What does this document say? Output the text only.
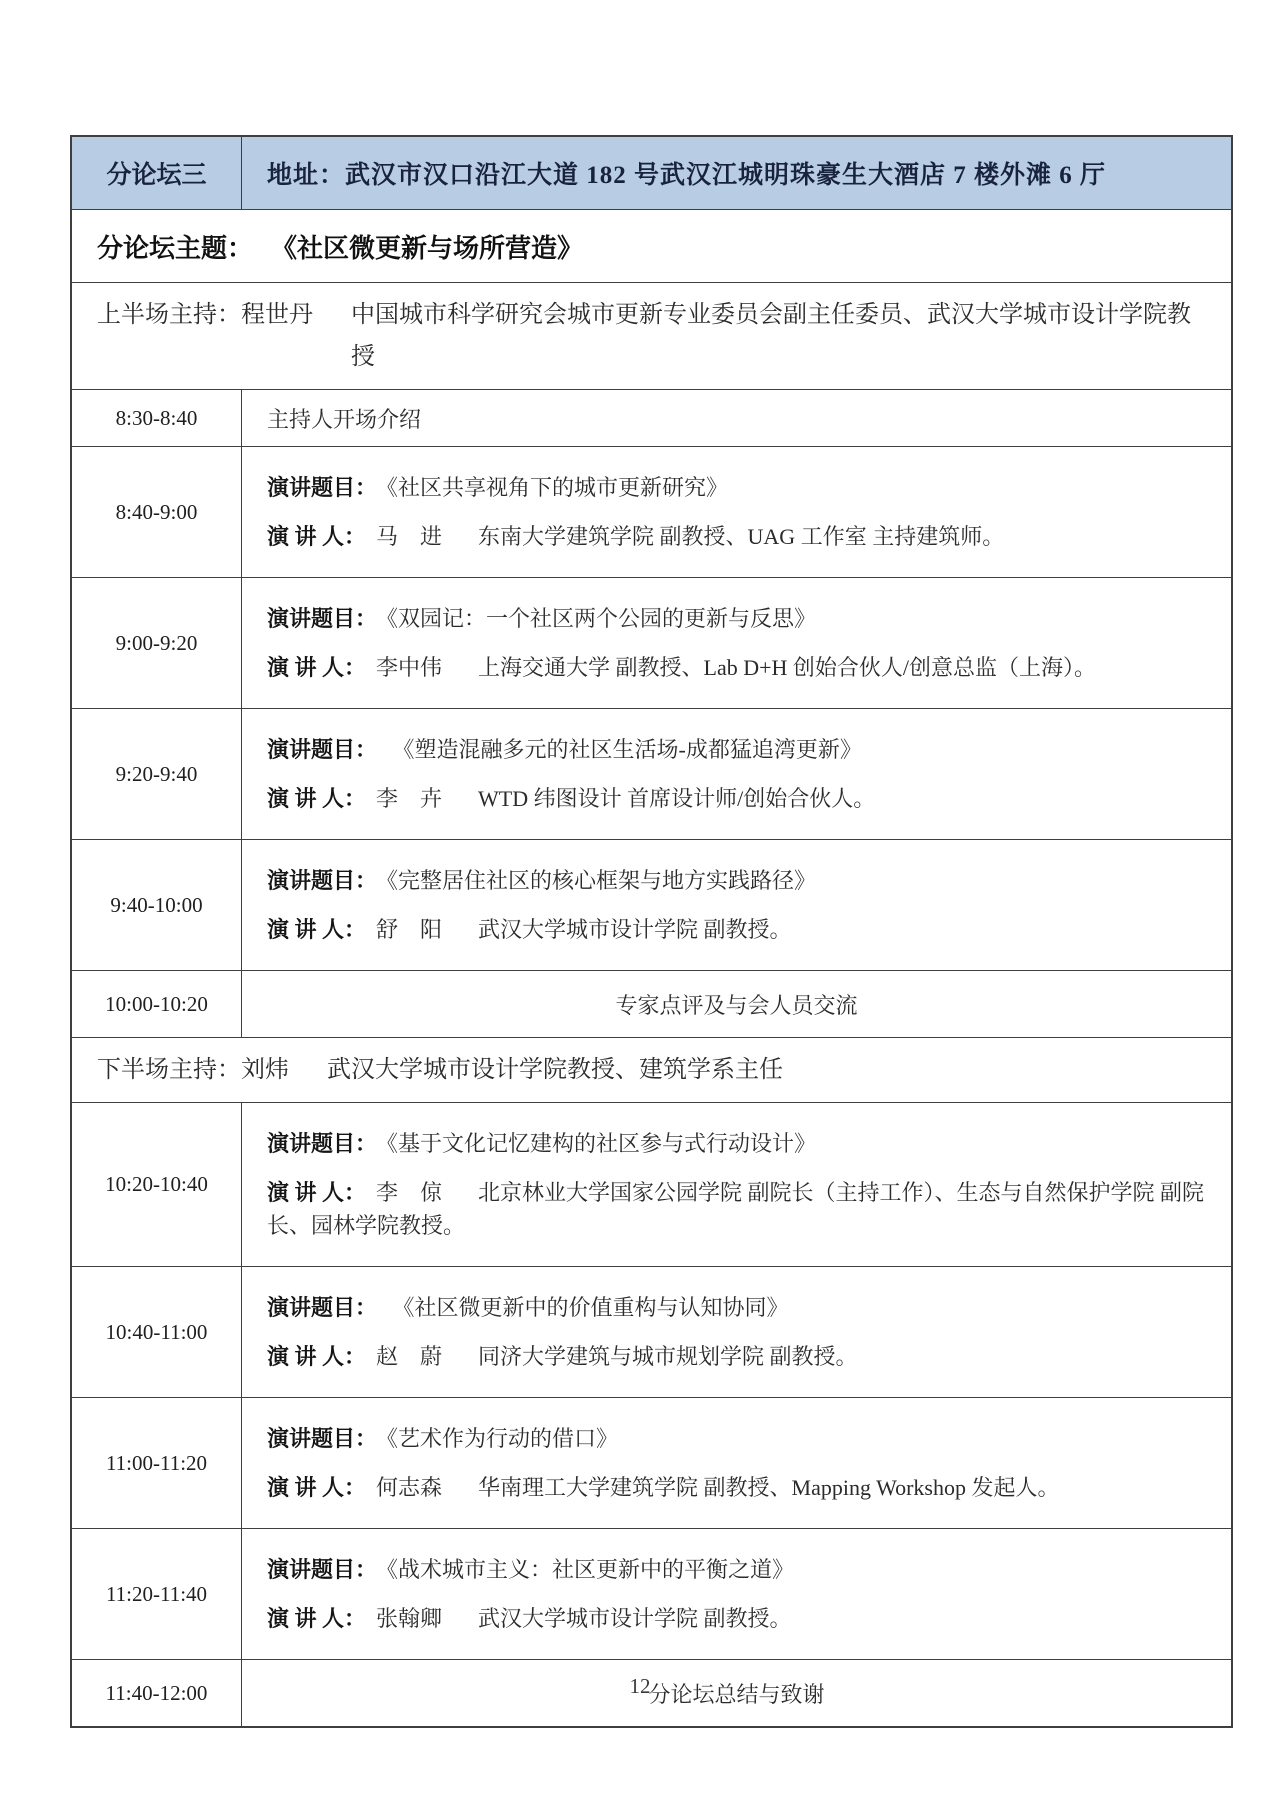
分论坛三	地址：武汉市汉口沿江大道 182 号武汉江城明珠豪生大酒店 7 楼外滩 6 厅
分论坛主题： 《社区微更新与场所营造》
上半场主持：程世丹 中国城市科学研究会城市更新专业委员会副主任委员、武汉大学城市设计学院教授
8:30-8:40	主持人开场介绍
8:40-9:00

演讲题目： 《社区共享视角下的城市更新研究》

演 讲 人： 马　进 东南大学建筑学院 副教授、UAG 工作室 主持建筑师。

9:00-9:20

演讲题目： 《双园记：一个社区两个公园的更新与反思》

演 讲 人： 李中伟 上海交通大学 副教授、Lab D+H 创始合伙人/创意总监（上海）。

9:20-9:40

演讲题目： 《塑造混融多元的社区生活场-成都猛追湾更新》

演 讲 人： 李　卉 WTD 纬图设计 首席设计师/创始合伙人。

9:40-10:00

演讲题目： 《完整居住社区的核心框架与地方实践路径》

演 讲 人： 舒　阳 武汉大学城市设计学院 副教授。

10:00-10:20	专家点评及与会人员交流
下半场主持：刘炜 武汉大学城市设计学院教授、建筑学系主任
10:20-10:40

演讲题目： 《基于文化记忆建构的社区参与式行动设计》

演 讲 人： 李　倞 北京林业大学国家公园学院 副院长（主持工作）、生态与自然保护学院 副院长、园林学院教授。

10:40-11:00

演讲题目： 《社区微更新中的价值重构与认知协同》

演 讲 人： 赵　蔚 同济大学建筑与城市规划学院 副教授。

11:00-11:20

演讲题目： 《艺术作为行动的借口》

演 讲 人： 何志森 华南理工大学建筑学院 副教授、Mapping Workshop 发起人。

11:20-11:40

演讲题目： 《战术城市主义：社区更新中的平衡之道》

演 讲 人： 张翰卿 武汉大学城市设计学院 副教授。

11:40-12:00	分论坛总结与致谢
12
